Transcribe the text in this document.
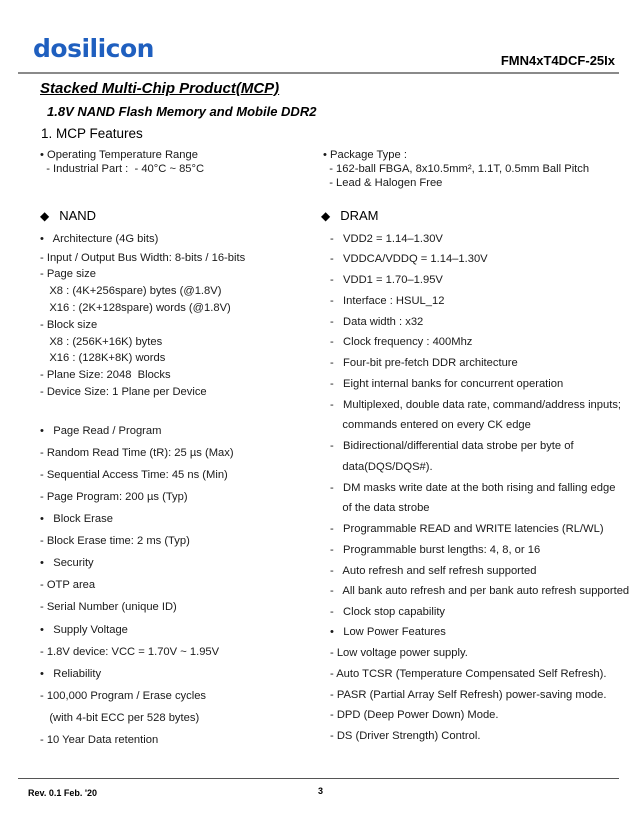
dosilicon	FMN4xT4DCF-25Ix
Stacked Multi-Chip Product(MCP)
1.8V NAND Flash Memory and Mobile DDR2
1. MCP Features
• Operating Temperature Range
- Industrial Part :  - 40°C ~ 85°C
• Package Type :
- 162-ball FBGA, 8x10.5mm², 1.1T, 0.5mm Ball Pitch
- Lead & Halogen Free
◆ NAND	◆ DRAM
•   Architecture (4G bits)
- Input / Output Bus Width: 8-bits / 16-bits
- Page size
X8 : (4K+256spare) bytes (@1.8V)
X16 : (2K+128spare) words (@1.8V)
- Block size
X8 : (256K+16K) bytes
X16 : (128K+8K) words
- Plane Size: 2048  Blocks
- Device Size: 1 Plane per Device
•   Page Read / Program
- Random Read Time (tR): 25 µs (Max)
- Sequential Access Time: 45 ns (Min)
- Page Program: 200 µs (Typ)
•   Block Erase
- Block Erase time: 2 ms (Typ)
•   Security
- OTP area
- Serial Number (unique ID)
•   Supply Voltage
- 1.8V device: VCC = 1.70V ~ 1.95V
•   Reliability
- 100,000 Program / Erase cycles
(with 4-bit ECC per 528 bytes)
- 10 Year Data retention
-   VDD2 = 1.14–1.30V
-   VDDCA/VDDQ = 1.14–1.30V
-   VDD1 = 1.70–1.95V
-   Interface : HSUL_12
-   Data width : x32
-   Clock frequency : 400Mhz
-   Four-bit pre-fetch DDR architecture
-   Eight internal banks for concurrent operation
-   Multiplexed, double data rate, command/address inputs;
commands entered on every CK edge
-   Bidirectional/differential data strobe per byte of
data(DQS/DQS#).
-   DM masks write date at the both rising and falling edge
of the data strobe
-   Programmable READ and WRITE latencies (RL/WL)
-   Programmable burst lengths: 4, 8, or 16
-   Auto refresh and self refresh supported
-   All bank auto refresh and per bank auto refresh supported
-   Clock stop capability
•   Low Power Features
- Low voltage power supply.
- Auto TCSR (Temperature Compensated Self Refresh).
- PASR (Partial Array Self Refresh) power-saving mode.
- DPD (Deep Power Down) Mode.
- DS (Driver Strength) Control.
Rev. 0.1 Feb. '20	3
